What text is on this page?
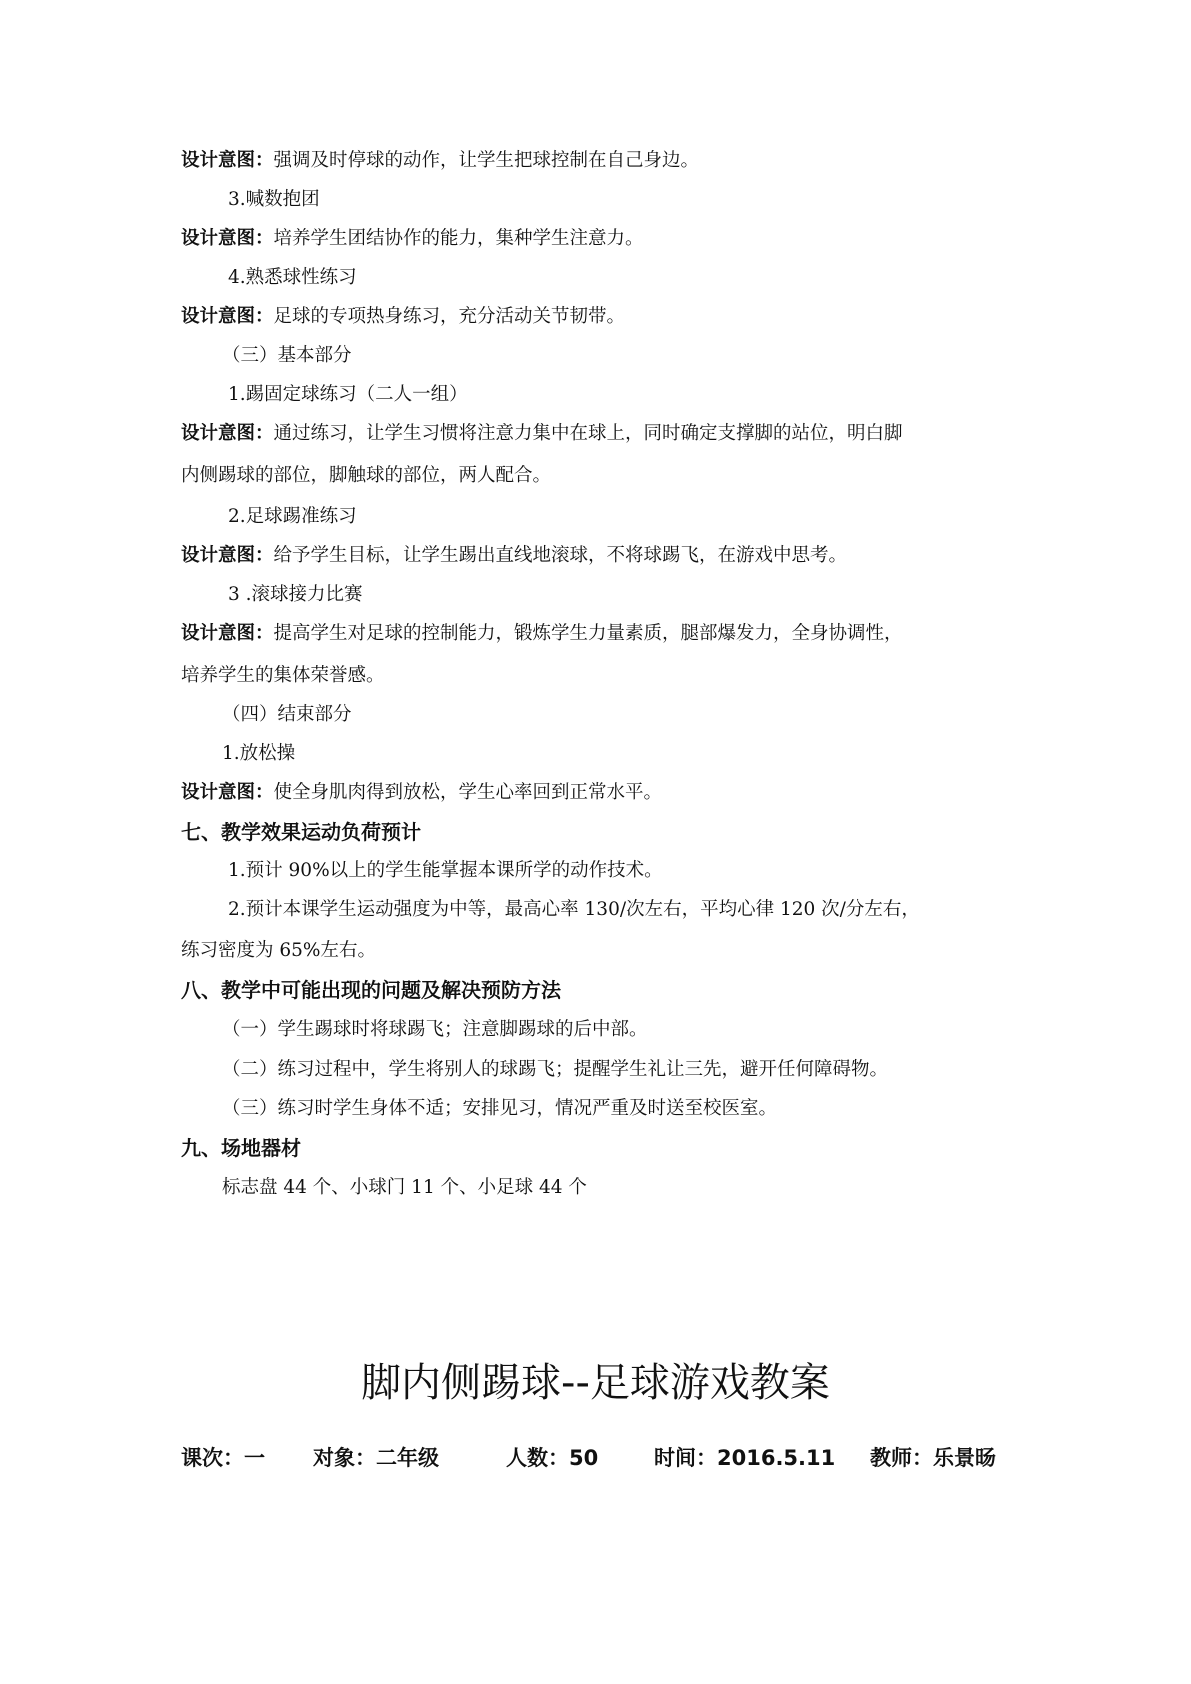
设计意图：强调及时停球的动作，让学生把球控制在自己身边。
3.喊数抱团
设计意图：培养学生团结协作的能力，集种学生注意力。
4.熟悉球性练习
设计意图：足球的专项热身练习，充分活动关节韧带。
（三）基本部分
1.踢固定球练习（二人一组）
设计意图：通过练习，让学生习惯将注意力集中在球上，同时确定支撑脚的站位，明白脚
内侧踢球的部位，脚触球的部位，两人配合。
2.足球踢准练习
设计意图：给予学生目标，让学生踢出直线地滚球，不将球踢飞，在游戏中思考。
3 .滚球接力比赛
设计意图：提高学生对足球的控制能力，锻炼学生力量素质，腿部爆发力，全身协调性，
培养学生的集体荣誉感。
（四）结束部分
1.放松操
设计意图：使全身肌肉得到放松，学生心率回到正常水平。
七、教学效果运动负荷预计
1.预计 90%以上的学生能掌握本课所学的动作技术。
2.预计本课学生运动强度为中等，最高心率 130/次左右，平均心律 120 次/分左右，
练习密度为 65%左右。
八、教学中可能出现的问题及解决预防方法
（一）学生踢球时将球踢飞；注意脚踢球的后中部。
（二）练习过程中，学生将别人的球踢飞；提醒学生礼让三先，避开任何障碍物。
（三）练习时学生身体不适；安排见习，情况严重及时送至校医室。
九、场地器材
标志盘 44 个、小球门 11 个、小足球 44 个
脚内侧踢球--足球游戏教案
课次：一 对象：二年级	人数：50	时间：2016.5.11 教师：乐景旸
